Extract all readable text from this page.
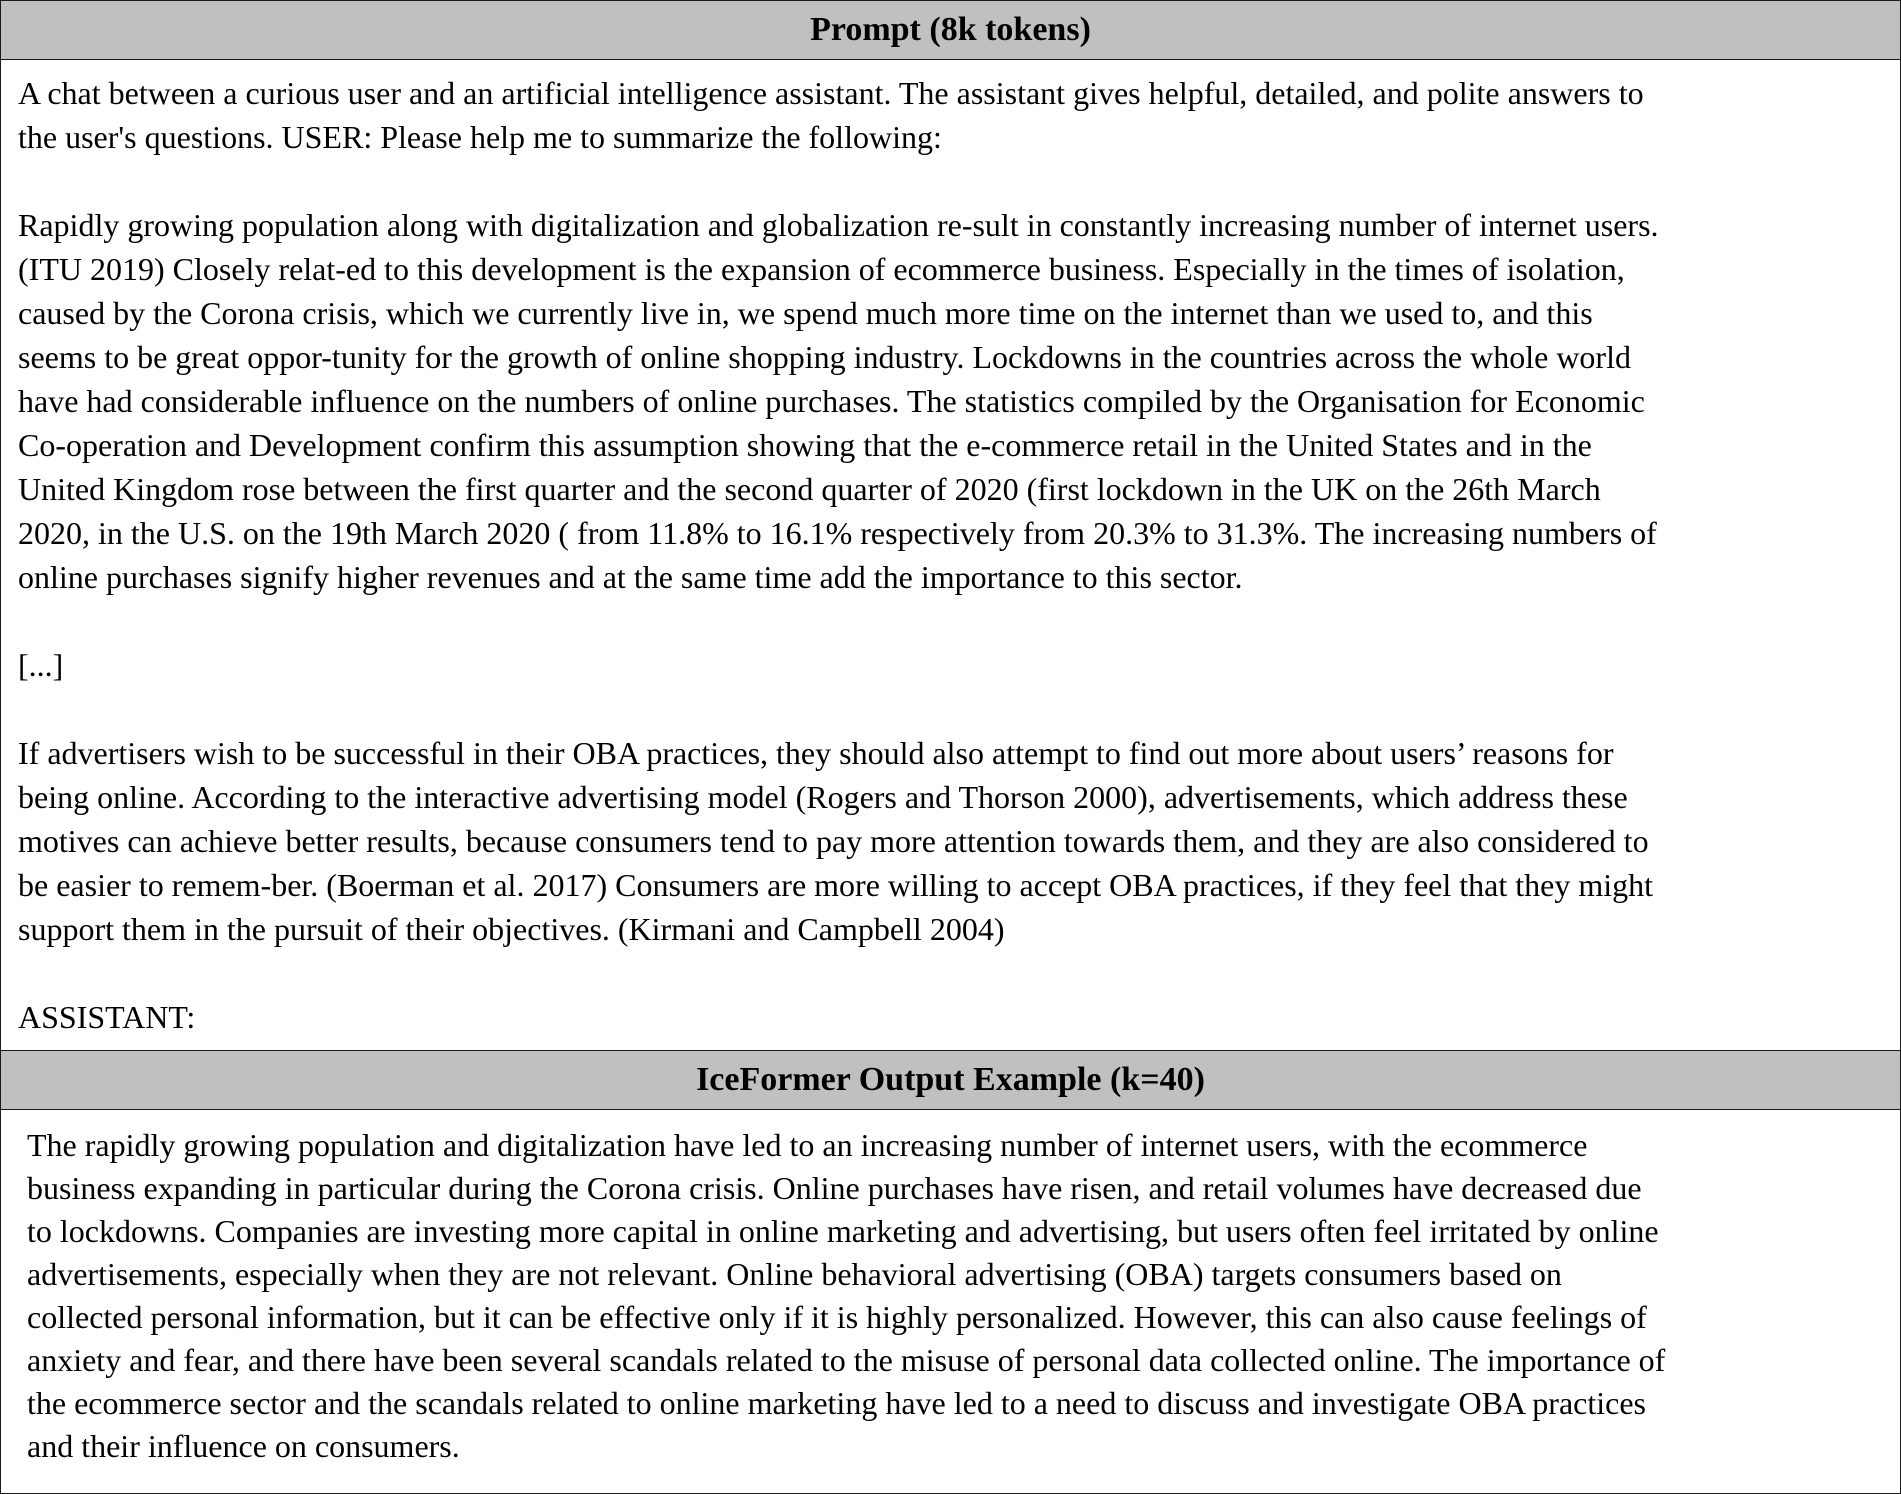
Prompt (8k tokens)

A chat between a curious user and an artificial intelligence assistant. The assistant gives helpful, detailed, and polite answers to
the user's questions. USER: Please help me to summarize the following:

Rapidly growing population along with digitalization and globalization re-sult in constantly increasing number of internet users.
(ITU 2019) Closely relat-ed to this development is the expansion of ecommerce business. Especially in the times of isolation,
caused by the Corona crisis, which we currently live in, we spend much more time on the internet than we used to, and this
seems to be great oppor-tunity for the growth of online shopping industry. Lockdowns in the countries across the whole world
have had considerable influence on the numbers of online purchases. The statistics compiled by the Organisation for Economic
Co-operation and Development confirm this assumption showing that the e-commerce retail in the United States and in the
United Kingdom rose between the first quarter and the second quarter of 2020 (first lockdown in the UK on the 26th March
2020, in the U.S. on the 19th March 2020 ( from 11.8% to 16.1% respectively from 20.3% to 31.3%. The increasing numbers of
online purchases signify higher revenues and at the same time add the importance to this sector.

[...]

If advertisers wish to be successful in their OBA practices, they should also attempt to find out more about users’ reasons for
being online. According to the interactive advertising model (Rogers and Thorson 2000), advertisements, which address these
motives can achieve better results, because consumers tend to pay more attention towards them, and they are also considered to
be easier to remem-ber. (Boerman et al. 2017) Consumers are more willing to accept OBA practices, if they feel that they might
support them in the pursuit of their objectives. (Kirmani and Campbell 2004)

ASSISTANT:

IceFormer Output Example (k=40)

The rapidly growing population and digitalization have led to an increasing number of internet users, with the ecommerce
business expanding in particular during the Corona crisis. Online purchases have risen, and retail volumes have decreased due
to lockdowns. Companies are investing more capital in online marketing and advertising, but users often feel irritated by online
advertisements, especially when they are not relevant. Online behavioral advertising (OBA) targets consumers based on
collected personal information, but it can be effective only if it is highly personalized. However, this can also cause feelings of
anxiety and fear, and there have been several scandals related to the misuse of personal data collected online. The importance of
the ecommerce sector and the scandals related to online marketing have led to a need to discuss and investigate OBA practices
and their influence on consumers.
